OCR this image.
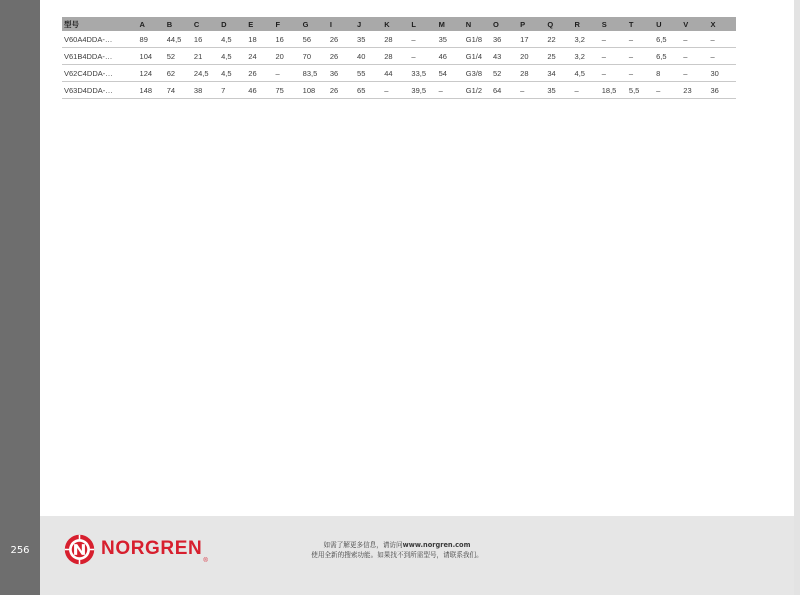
型号	A	B	C	D	E	F	G	I	J	K	L	M	N	O	P	Q	R	S	T	U	V	X
V60A4DDA-…	89	44,5	16	4,5	18	16	56	26	35	28	–	35	G1/8	36	17	22	3,2	–	–	6,5	–	–
V61B4DDA-…	104	52	21	4,5	24	20	70	26	40	28	–	46	G1/4	43	20	25	3,2	–	–	6,5	–	–
V62C4DDA-…	124	62	24,5	4,5	26	–	83,5	36	55	44	33,5	54	G3/8	52	28	34	4,5	–	–	8	–	30
V63D4DDA-…	148	74	38	7	46	75	108	26	65	–	39,5	–	G1/2	64	–	35	–	18,5	5,5	–	23	36
256	NORGREN
®
如需了解更多信息，请访问www.norgren.com
使用全新的搜索功能。如果找不到所需型号，请联系我们。
